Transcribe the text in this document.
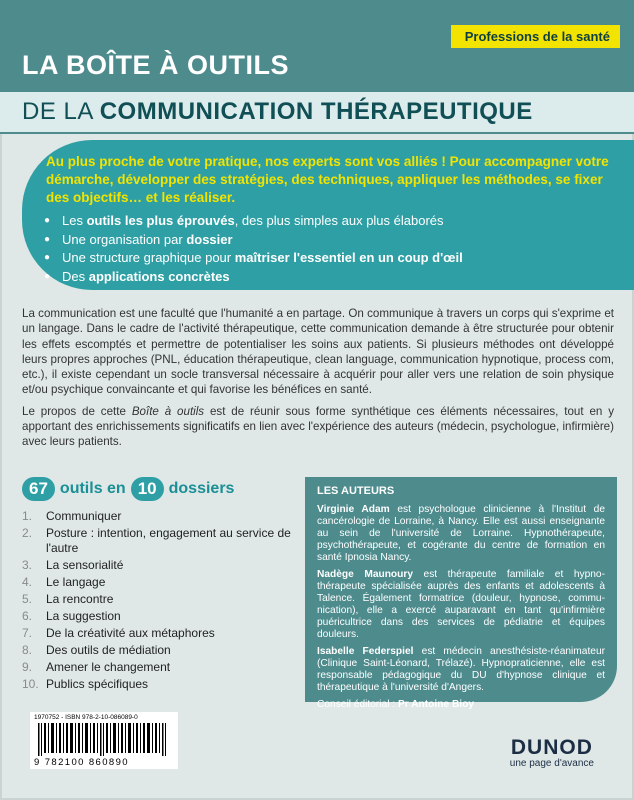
Professions de la santé
LA BOÎTE À OUTILS
DE LA COMMUNICATION THÉRAPEUTIQUE
Au plus proche de votre pratique, nos experts sont vos alliés ! Pour accompagner votre démarche, développer des stratégies, des techniques, appliquer les méthodes, se fixer des objectifs… et les réaliser.
● Les outils les plus éprouvés, des plus simples aux plus élaborés
● Une organisation par dossier
● Une structure graphique pour maîtriser l'essentiel en un coup d'œil
● Des applications concrètes

La communication est une faculté que l'humanité a en partage. On communique à travers un corps qui s'exprime et un langage. Dans le cadre de l'activité thérapeutique, cette communication demande à être structurée pour obtenir les effets escomptés et permettre de potentialiser les soins aux patients. Si plusieurs méthodes ont développé leurs propres approches (PNL, éducation thérapeutique, clean language, communication hypnotique, process com, etc.), il existe cependant un socle transversal nécessaire à acquérir pour aller vers une relation de soin physique et/ou psychique convaincante et qui favorise les bénéfices en santé.

Le propos de cette Boîte à outils est de réunir sous forme synthétique ces éléments nécessaires, tout en y apportant des enrichissements significatifs en lien avec l'expérience des auteurs (médecin, psychologue, infirmière) avec leurs patients.

67 outils en 10 dossiers
1.	Communiquer
2.	Posture : intention, engagement au service de l'autre
3.	La sensorialité
4.	Le langage
5.	La rencontre
6.	La suggestion
7.	De la créativité aux métaphores
8.	Des outils de médiation
9.	Amener le changement
10. Publics spécifiques
LES AUTEURS

Virginie Adam est psychologue clinicienne à l'Institut de cancérologie de Lorraine, à Nancy. Elle est aussi enseignante au sein de l'université de Lorraine. Hypnothérapeute, psychothérapeute, et cogérante du centre de formation en santé Ipnosia Nancy.

Nadège Maunoury est thérapeute familiale et hypno-thérapeute spécialisée auprès des enfants et adolescents à Talence. Également formatrice (douleur, hypnose, commu-nication), elle a exercé auparavant en tant qu'infirmière puéricultrice dans des services de pédiatrie et équipes douleurs.

Isabelle Federspiel est médecin anesthésiste-réanimateur (Clinique Saint-Léonard, Trélazé). Hypnopraticienne, elle est responsable pédagogique du DU d'hypnose clinique et thérapeutique à l'université d'Angers.

Conseil éditorial : Pr Antoine Bioy

1970752 - ISBN 978-2-10-086089-0
9 782100 860890
DUNOD
une page d'avance
